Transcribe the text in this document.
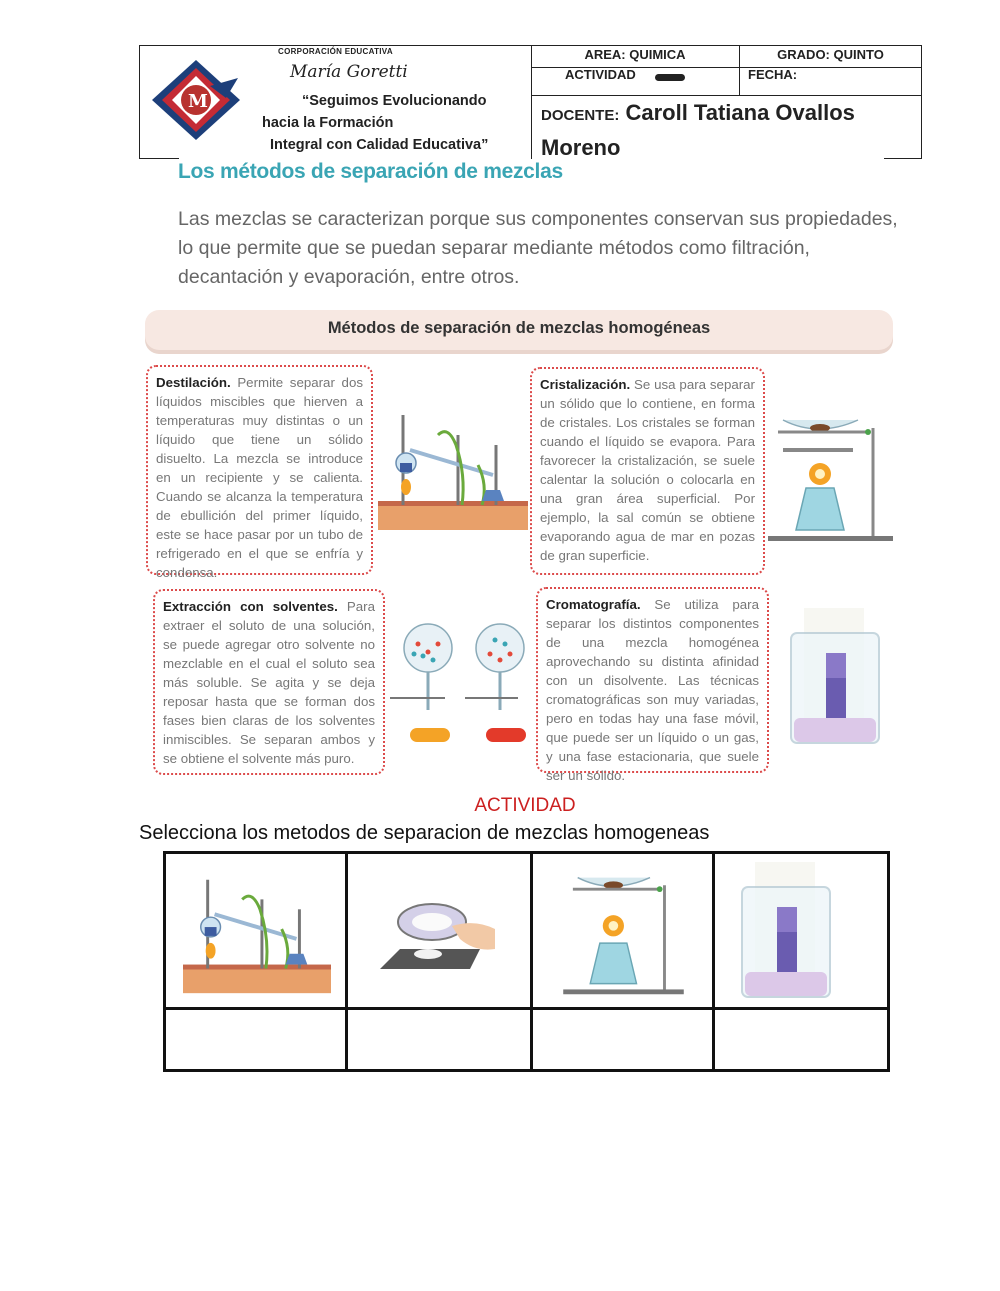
M
CORPORACIÓN EDUCATIVA
María Goretti
“Seguimos Evolucionando
hacia la Formación
Integral con Calidad Educativa”
AREA: QUIMICA	GRADO: QUINTO
ACTIVIDAD	FECHA:
DOCENTE: Caroll Tatiana Ovallos Moreno
Los métodos de separación de mezclas
Las mezclas se caracterizan porque sus componentes conservan sus propiedades, lo que permite que se puedan separar mediante métodos como filtración, decantación y evaporación, entre otros.
Métodos de separación de mezclas homogéneas
Destilación. Permite separar dos líquidos miscibles que hierven a temperaturas muy distintas o un líquido que tiene un sólido disuelto. La mezcla se introduce en un recipiente y se calienta. Cuando se alcanza la temperatura de ebullición del primer líquido, este se hace pasar por un tubo de refrigerado en el que se enfría y condensa.
Cristalización. Se usa para separar un sólido que lo contiene, en forma de cristales. Los cristales se forman cuando el líquido se evapora. Para favorecer la cristalización, se suele calentar la solución o colocarla en una gran área superficial. Por ejemplo, la sal común se obtiene evaporando agua de mar en pozas de gran superficie.
Extracción con solventes. Para extraer el soluto de una solución, se puede agregar otro solvente no mezclable en el cual el soluto sea más soluble. Se agita y se deja reposar hasta que se forman dos fases bien claras de los solventes inmiscibles. Se separan ambos y se obtiene el solvente más puro.
Cromatografía. Se utiliza para separar los distintos componentes de una mezcla homogénea aprovechando su distinta afinidad con un disolvente. Las técnicas cromatográficas son muy variadas, pero en todas hay una fase móvil, que puede ser un líquido o un gas, y una fase estacionaria, que suele ser un sólido.
ACTIVIDAD
Selecciona los metodos de separacion de mezclas homogeneas
